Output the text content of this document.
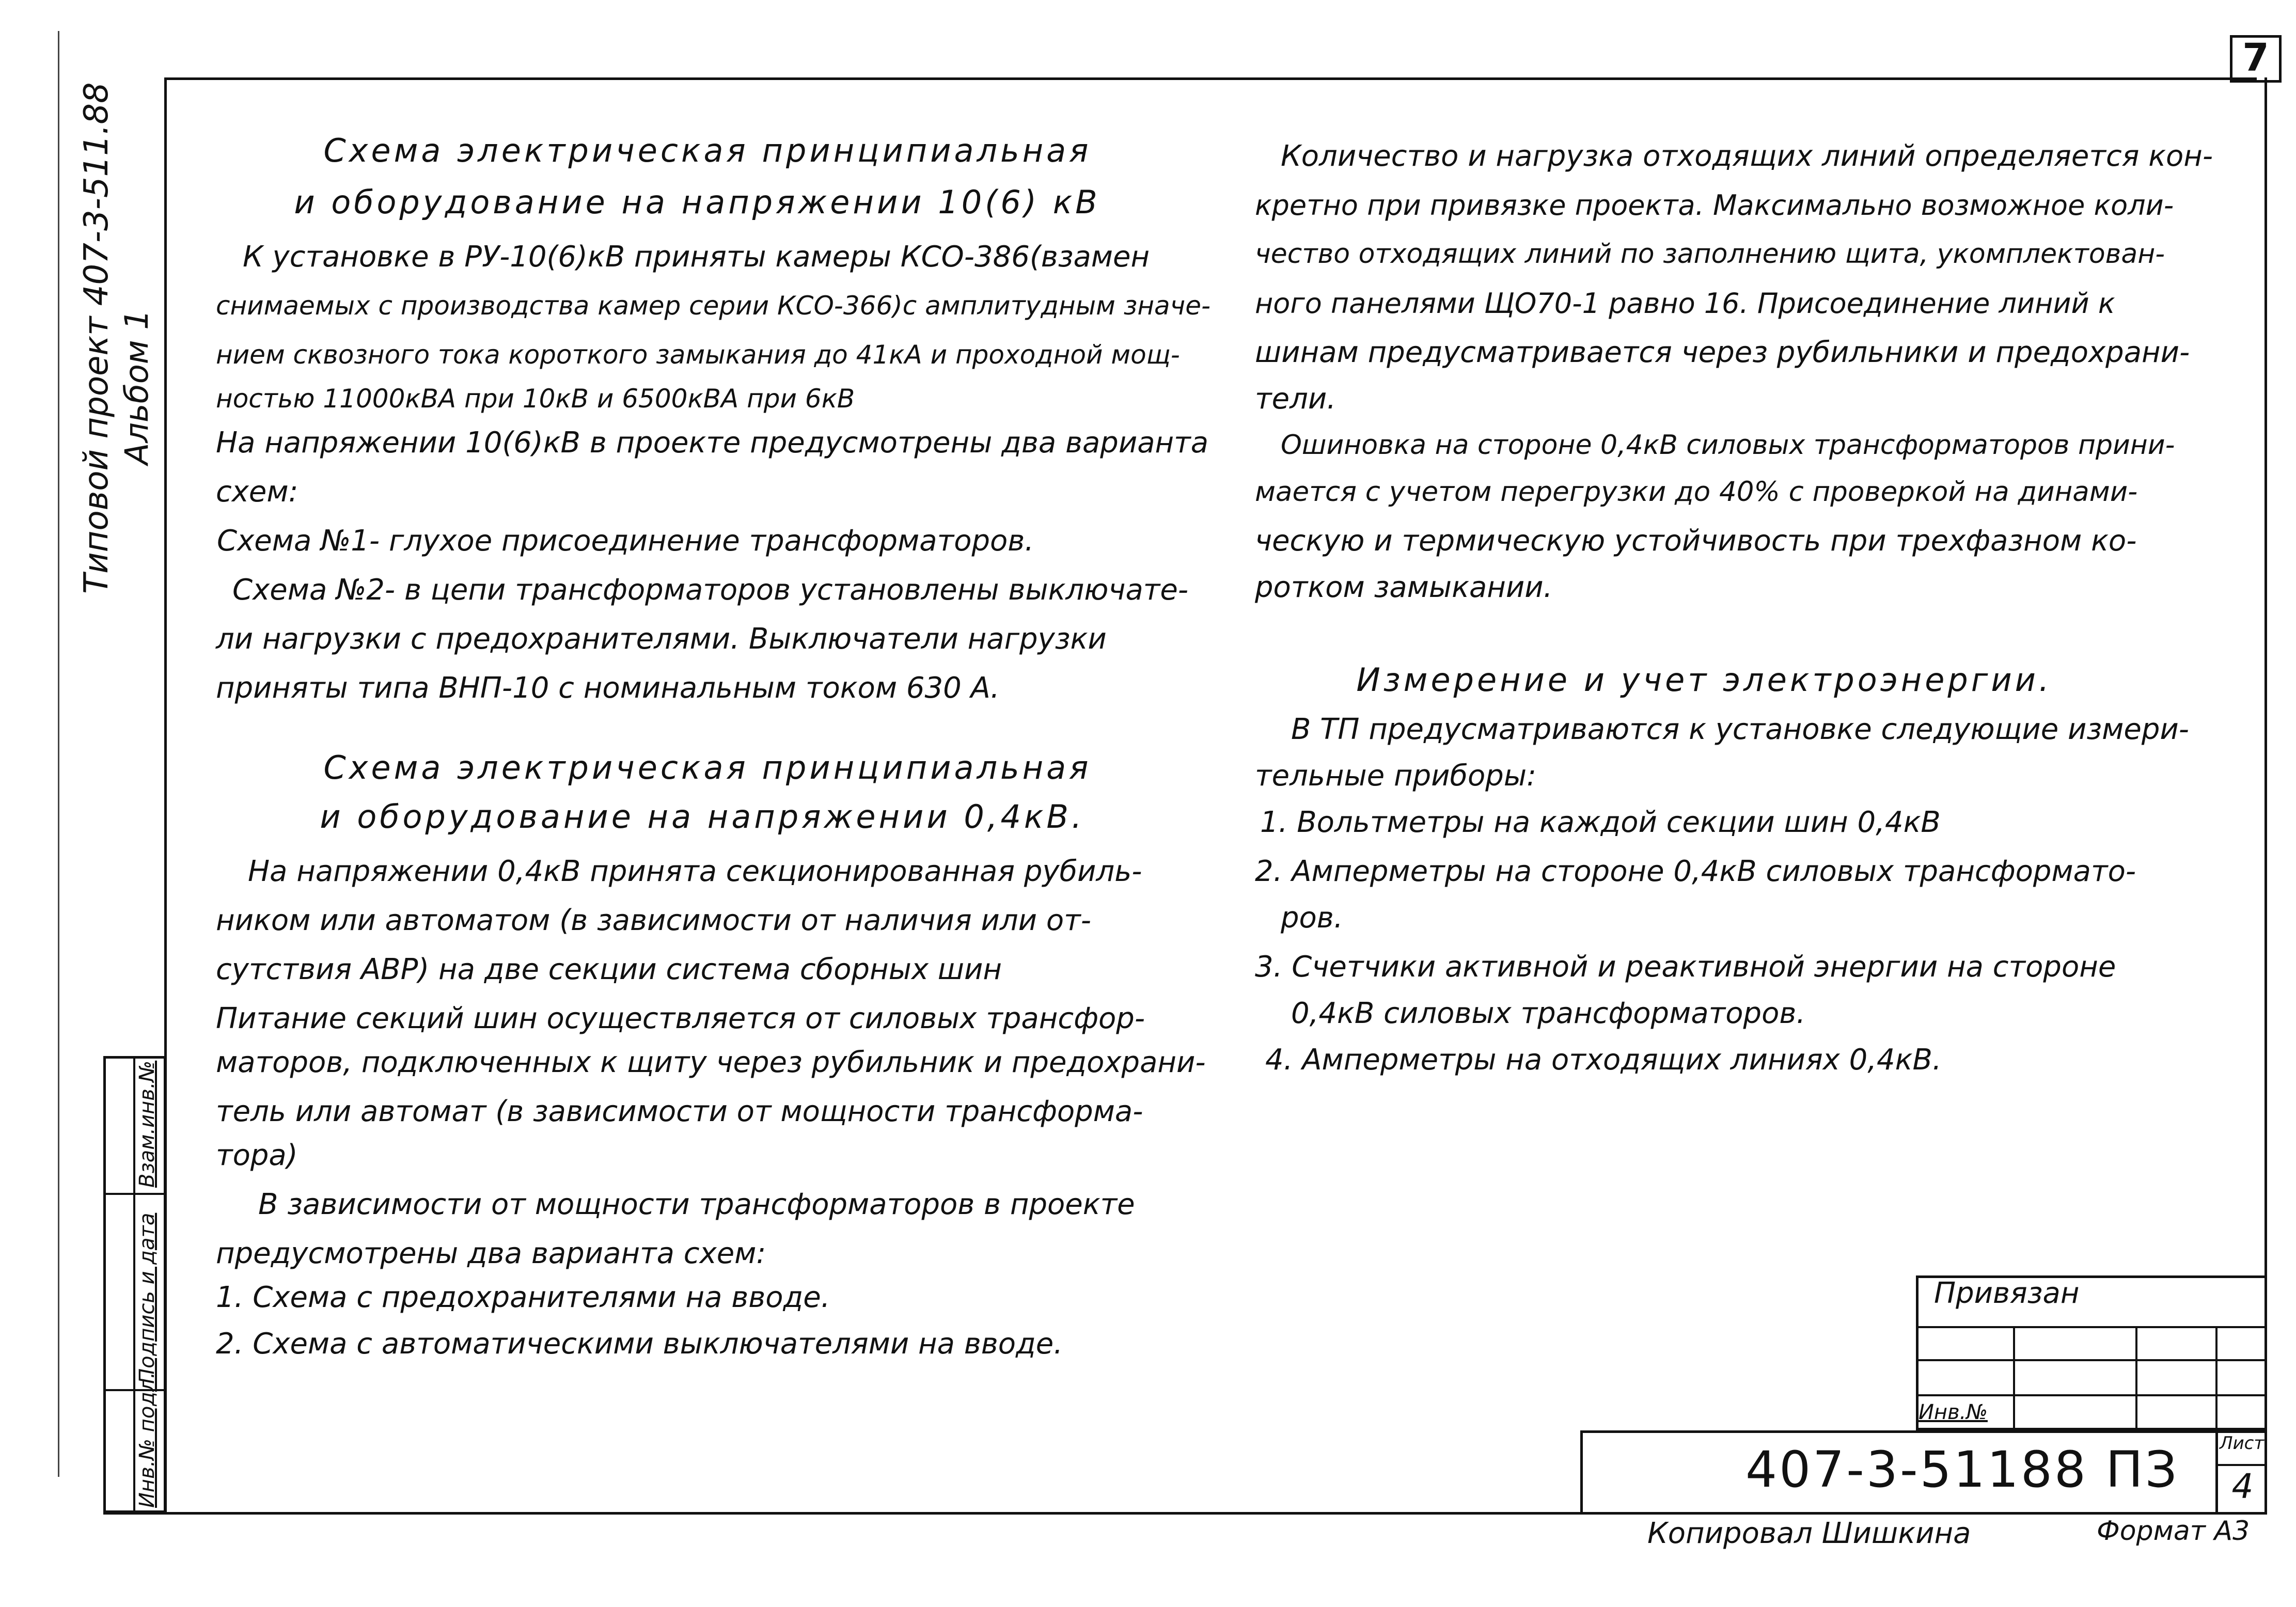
7
Типовой проект 407-3-511.88 Альбом 1
Взам.инв.№
Подпись и дата
Инв.№ подл.
Схема электрическая принципиальная
и оборудование на напряжении 10(6) кВ
К установке в РУ-10(6)кВ приняты камеры КСО-386(взамен
снимаемых с производства камер серии КСО-366)с амплитудным значе-
нием сквозного тока короткого замыкания до 41кА и проходной мощ-
ностью 11000кВА при 10кВ и 6500кВА при 6кВ
На напряжении 10(6)кВ в проекте предусмотрены два варианта
схем:
Схема №1- глухое присоединение трансформаторов.
Схема №2- в цепи трансформаторов установлены выключате-
ли нагрузки с предохранителями. Выключатели нагрузки
приняты типа ВНП-10 с номинальным током 630 А.
Схема электрическая принципиальная
и оборудование на напряжении 0,4кВ.
На напряжении 0,4кВ принята секционированная рубиль-
ником или автоматом (в зависимости от наличия или от-
сутствия АВР) на две секции система сборных шин
Питание секций шин осуществляется от силовых трансфор-
маторов, подключенных к щиту через рубильник и предохрани-
тель или автомат (в зависимости от мощности трансформа-
тора)
В зависимости от мощности трансформаторов в проекте
предусмотрены два варианта схем:
1. Схема с предохранителями на вводе.
2. Схема с автоматическими выключателями на вводе.
Количество и нагрузка отходящих линий определяется кон-
кретно при привязке проекта. Максимально возможное коли-
чество отходящих линий по заполнению щита, укомплектован-
ного панелями ЩО70-1 равно 16. Присоединение линий к
шинам предусматривается через рубильники и предохрани-
тели.
Ошиновка на стороне 0,4кВ силовых трансформаторов прини-
мается с учетом перегрузки до 40% с проверкой на динами-
ческую и термическую устойчивость при трехфазном ко-
ротком замыкании.
Измерение и учет электроэнергии.
В ТП предусматриваются к установке следующие измери-
тельные приборы:
1. Вольтметры на каждой секции шин 0,4кВ
2. Амперметры на стороне 0,4кВ силовых трансформато-
ров.
3. Счетчики активной и реактивной энергии на стороне
0,4кВ силовых трансформаторов.
4. Амперметры на отходящих линиях 0,4кВ.
Привязан
Инв.№
407-3-51188 ПЗ Лист
4
Копировал Шишкина	Формат А3
